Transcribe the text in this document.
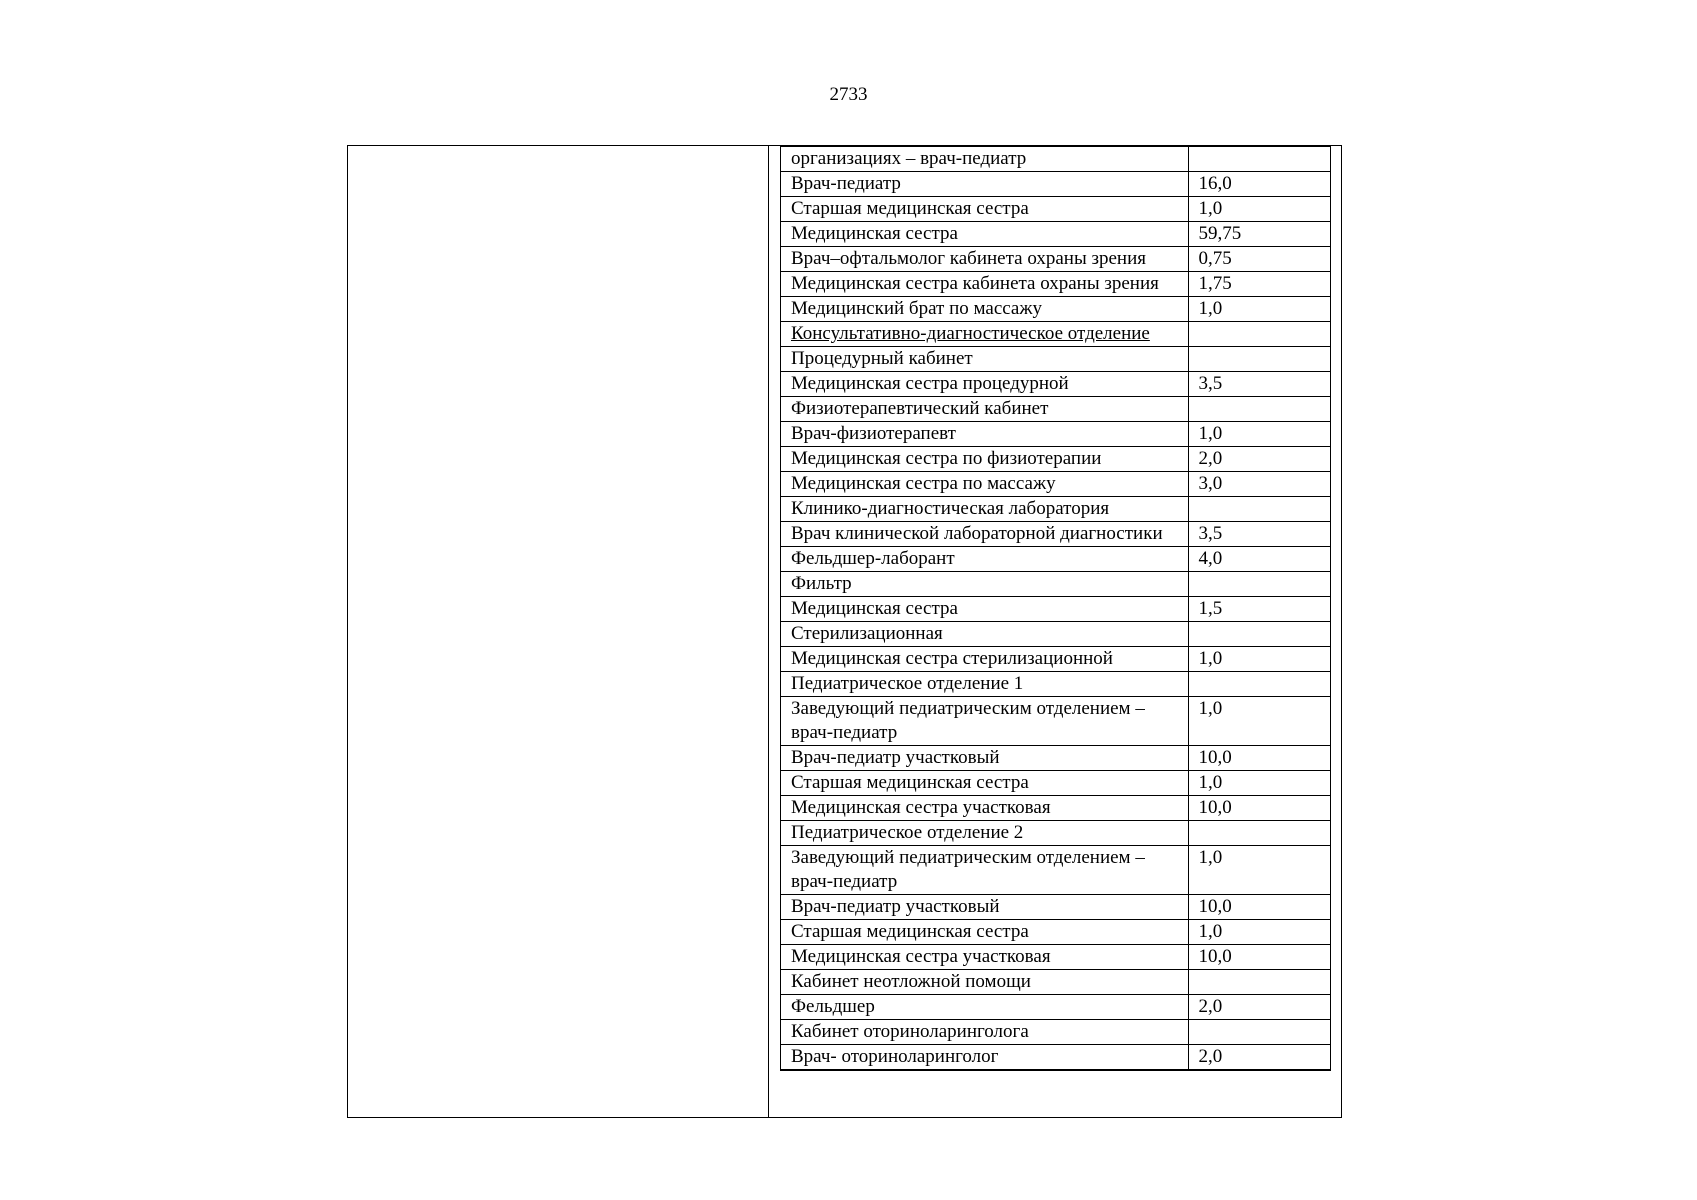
2733
организациях – врач-педиатр	
Врач-педиатр	16,0
Старшая медицинская сестра	1,0
Медицинская сестра	59,75
Врач–офтальмолог кабинета охраны зрения	0,75
Медицинская сестра кабинета охраны зрения	1,75
Медицинский брат по массажу	1,0
Консультативно-диагностическое отделение	
Процедурный кабинет	
Медицинская сестра процедурной	3,5
Физиотерапевтический кабинет	
Врач-физиотерапевт	1,0
Медицинская сестра по физиотерапии	2,0
Медицинская сестра по массажу	3,0
Клинико-диагностическая лаборатория	
Врач клинической лабораторной диагностики	3,5
Фельдшер-лаборант	4,0
Фильтр	
Медицинская сестра	1,5
Стерилизационная	
Медицинская сестра стерилизационной	1,0
Педиатрическое отделение 1	
Заведующий педиатрическим отделением – врач-педиатр	1,0
Врач-педиатр участковый	10,0
Старшая медицинская сестра	1,0
Медицинская сестра участковая	10,0
Педиатрическое отделение 2	
Заведующий педиатрическим отделением – врач-педиатр	1,0
Врач-педиатр участковый	10,0
Старшая медицинская сестра	1,0
Медицинская сестра участковая	10,0
Кабинет неотложной помощи	
Фельдшер	2,0
Кабинет оториноларинголога	
Врач- оториноларинголог	2,0
